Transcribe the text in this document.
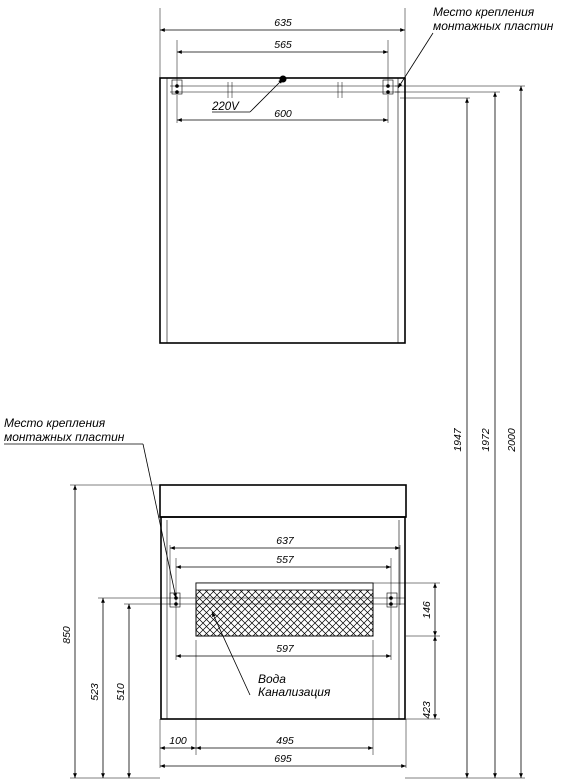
635
565
220V
600
Место крепления
монтажных пластин
1947 1972 2000
637
557
597
Вода
Канализация
Место крепления
монтажных пластин
146
423
850
523 510
100	495
695
